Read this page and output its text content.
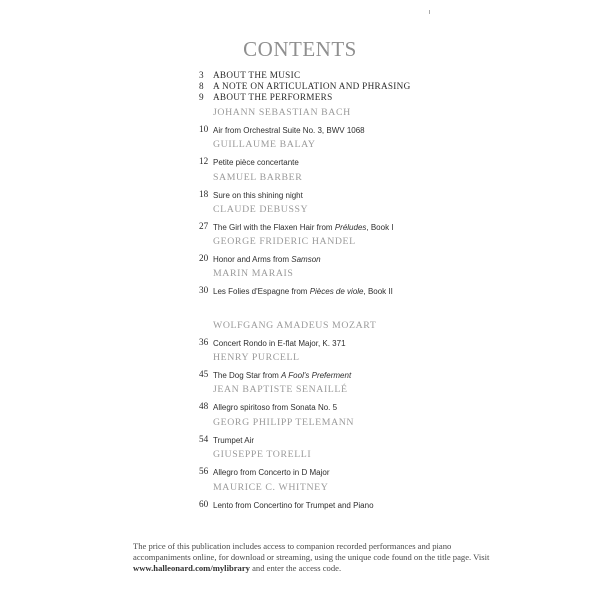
CONTENTS
3 ABOUT THE MUSIC
8 A NOTE ON ARTICULATION AND PHRASING
9 ABOUT THE PERFORMERS
JOHANN SEBASTIAN BACH
10 Air from Orchestral Suite No. 3, BWV 1068
GUILLAUME BALAY
12 Petite pièce concertante
SAMUEL BARBER
18 Sure on this shining night
CLAUDE DEBUSSY
27 The Girl with the Flaxen Hair from Préludes, Book I
GEORGE FRIDERIC HANDEL
20 Honor and Arms from Samson
MARIN MARAIS
30 Les Folies d'Espagne from Pièces de viole, Book II
WOLFGANG AMADEUS MOZART
36 Concert Rondo in E-flat Major, K. 371
HENRY PURCELL
45 The Dog Star from A Fool's Preferment
JEAN BAPTISTE SENAILLÉ
48 Allegro spiritoso from Sonata No. 5
GEORG PHILIPP TELEMANN
54 Trumpet Air
GIUSEPPE TORELLI
56 Allegro from Concerto in D Major
MAURICE C. WHITNEY
60 Lento from Concertino for Trumpet and Piano
The price of this publication includes access to companion recorded performances and piano accompaniments online, for download or streaming, using the unique code found on the title page. Visit www.halleonard.com/mylibrary and enter the access code.
